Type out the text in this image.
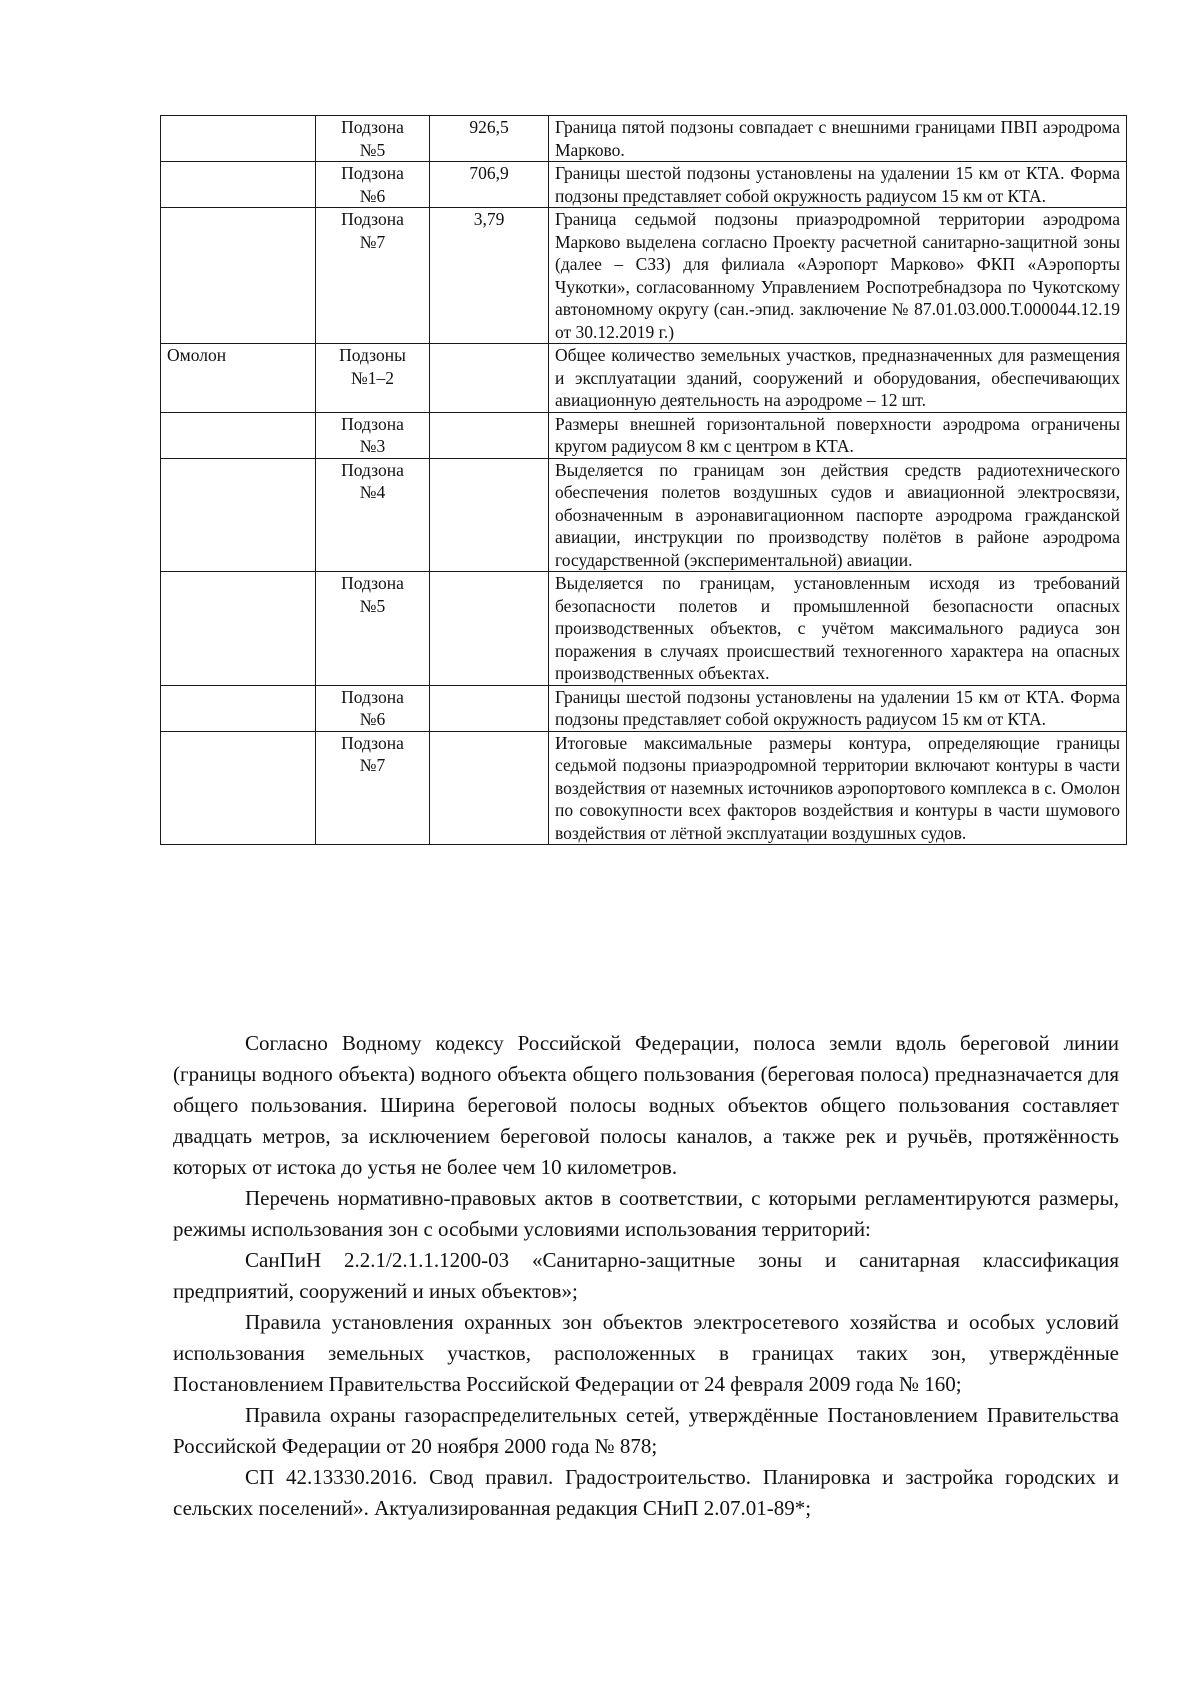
	Подзона
№5	926,5	Граница пятой подзоны совпадает с внешними границами ПВП аэродрома Марково.

	Подзона
№6	706,9	Границы шестой подзоны установлены на удалении 15 км от КТА. Форма подзоны представляет собой окружность радиусом 15 км от КТА.

	Подзона
№7	3,79	Граница седьмой подзоны приаэродромной территории аэродрома Марково выделена согласно Проекту расчетной санитарно-защитной зоны (далее – СЗЗ) для филиала «Аэропорт Марково» ФКП «Аэропорты Чукотки», согласованному Управлением Роспотребнадзора по Чукотскому автономному округу (сан.-эпид. заключение № 87.01.03.000.Т.000044.12.19 от 30.12.2019 г.)
Омолон	Подзоны
№1–2		Общее количество земельных участков, предназначенных для размещения и эксплуатации зданий, сооружений и оборудования, обеспечивающих авиационную деятельность на аэродроме – 12 шт.

	Подзона
№3		Размеры внешней горизонтальной поверхности аэродрома ограничены кругом радиусом 8 км с центром в КТА.

	Подзона
№4		Выделяется по границам зон действия средств радиотехнического обеспечения полетов воздушных судов и авиационной электросвязи, обозначенным в аэронавигационном паспорте аэродрома гражданской авиации, инструкции по производству полётов в районе аэродрома государственной (экспериментальной) авиации.

	Подзона
№5		Выделяется по границам, установленным исходя из требований безопасности полетов и промышленной безопасности опасных производственных объектов, с учётом максимального радиуса зон поражения в случаях происшествий техногенного характера на опасных производственных объектах.

	Подзона
№6		Границы шестой подзоны установлены на удалении 15 км от КТА. Форма подзоны представляет собой окружность радиусом 15 км от КТА.

	Подзона
№7		Итоговые максимальные размеры контура, определяющие границы седьмой подзоны приаэродромной территории включают контуры в части воздействия от наземных источников аэропортового комплекса в с. Омолон по совокупности всех факторов воздействия и контуры в части шумового воздействия от лётной эксплуатации воздушных судов.

Согласно Водному кодексу Российской Федерации, полоса земли вдоль береговой линии (границы водного объекта) водного объекта общего пользования (береговая полоса) предназначается для общего пользования. Ширина береговой полосы водных объектов общего пользования составляет двадцать метров, за исключением береговой полосы каналов, а также рек и ручьёв, протяжённость которых от истока до устья не более чем 10 километров.

Перечень нормативно-правовых актов в соответствии, с которыми регламентируются размеры, режимы использования зон с особыми условиями использования территорий:

СанПиН 2.2.1/2.1.1.1200-03 «Санитарно-защитные зоны и санитарная классификация предприятий, сооружений и иных объектов»;

Правила установления охранных зон объектов электросетевого хозяйства и особых условий использования земельных участков, расположенных в границах таких зон, утверждённые Постановлением Правительства Российской Федерации от 24 февраля 2009 года № 160;

Правила охраны газораспределительных сетей, утверждённые Постановлением Правительства Российской Федерации от 20 ноября 2000 года № 878;

СП 42.13330.2016. Свод правил. Градостроительство. Планировка и застройка городских и сельских поселений». Актуализированная редакция СНиП 2.07.01-89*;
